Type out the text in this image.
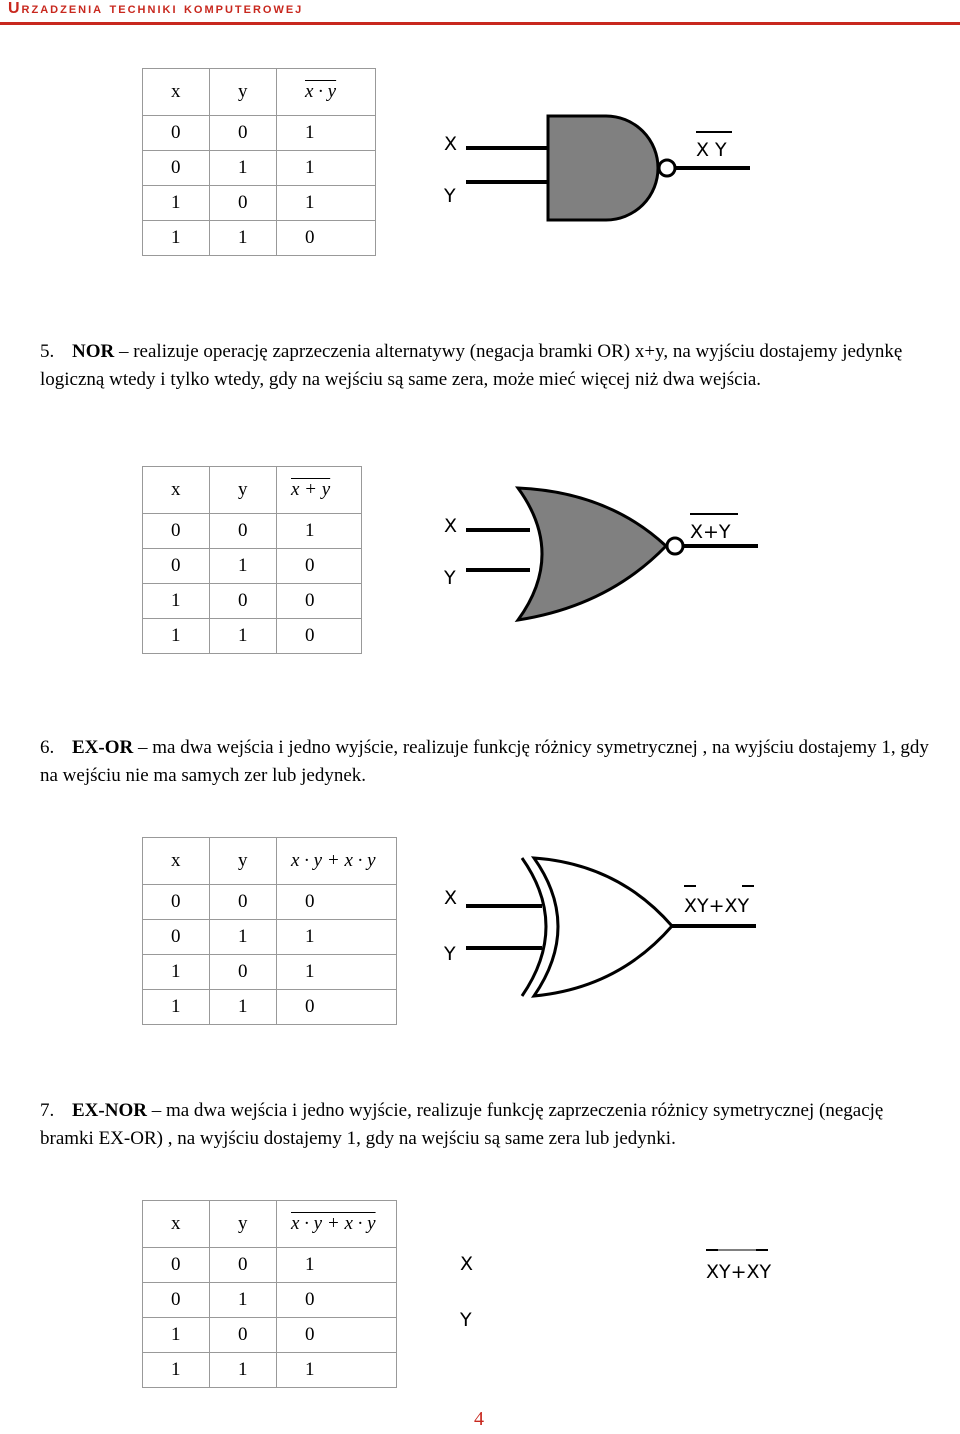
Urzadzenia techniki komputerowej
x	y	x · y
0	0	1
0	1	1
1	0	1
1	1	0
X
Y
X Y
5. NOR – realizuje operację zaprzeczenia alternatywy (negacja bramki OR) x+y, na wyjściu dostajemy jedynkę logiczną wtedy i tylko wtedy, gdy na wejściu są same zera, może mieć więcej niż dwa wejścia.
x	y	x + y
0	0	1
0	1	0
1	0	0
1	1	0
X
Y
X+Y
6. EX-OR – ma dwa wejścia i jedno wyjście, realizuje funkcję różnicy symetrycznej , na wyjściu dostajemy 1, gdy na wejściu nie ma samych zer lub jedynek.
x	y	x · y + x · y
0	0	0
0	1	1
1	0	1
1	1	0
X
Y
XY+XY
7. EX-NOR – ma dwa wejścia i jedno wyjście, realizuje funkcję zaprzeczenia różnicy symetrycznej (negację bramki EX-OR) , na wyjściu dostajemy 1, gdy na wejściu są same zera lub jedynki.
x	y	x · y + x · y
0	0	1
0	1	0
1	0	0
1	1	1
X
Y
XY+XY
4
